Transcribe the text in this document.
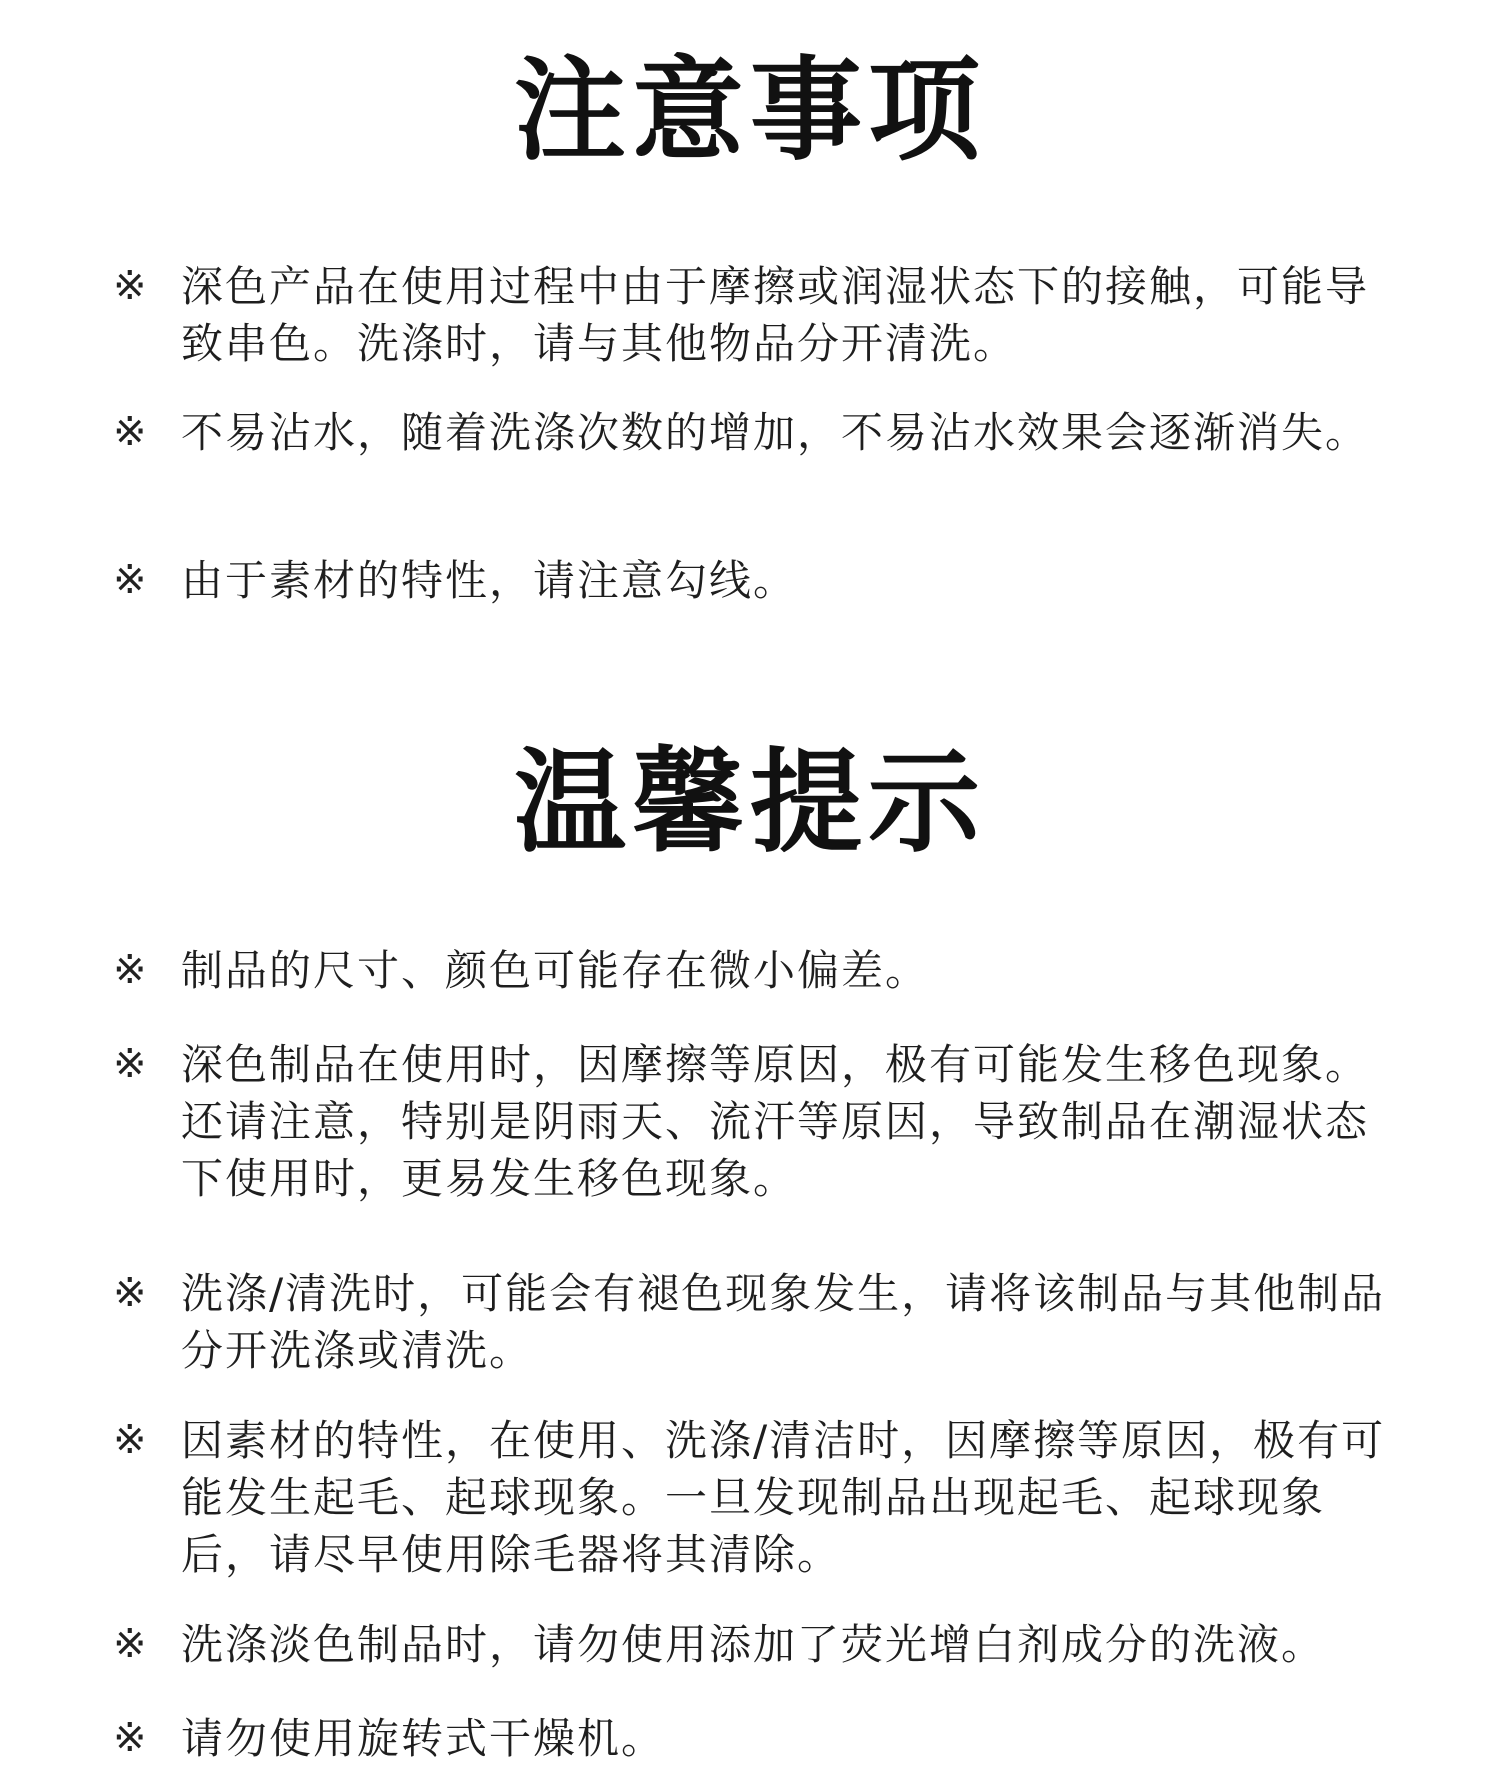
注意事项
※ 深色产品在使用过程中由于摩擦或润湿状态下的接触，可能导致串色。洗涤时，请与其他物品分开清洗。
※ 不易沾水，随着洗涤次数的增加，不易沾水效果会逐渐消失。
※ 由于素材的特性，请注意勾线。
温馨提示
※ 制品的尺寸、颜色可能存在微小偏差。
※ 深色制品在使用时，因摩擦等原因，极有可能发生移色现象。还请注意，特别是阴雨天、流汗等原因，导致制品在潮湿状态下使用时，更易发生移色现象。
※ 洗涤/清洗时，可能会有褪色现象发生，请将该制品与其他制品分开洗涤或清洗。
※ 因素材的特性，在使用、洗涤/清洁时，因摩擦等原因，极有可能发生起毛、起球现象。一旦发现制品出现起毛、起球现象后，请尽早使用除毛器将其清除。
※ 洗涤淡色制品时，请勿使用添加了荧光增白剂成分的洗液。
※ 请勿使用旋转式干燥机。
